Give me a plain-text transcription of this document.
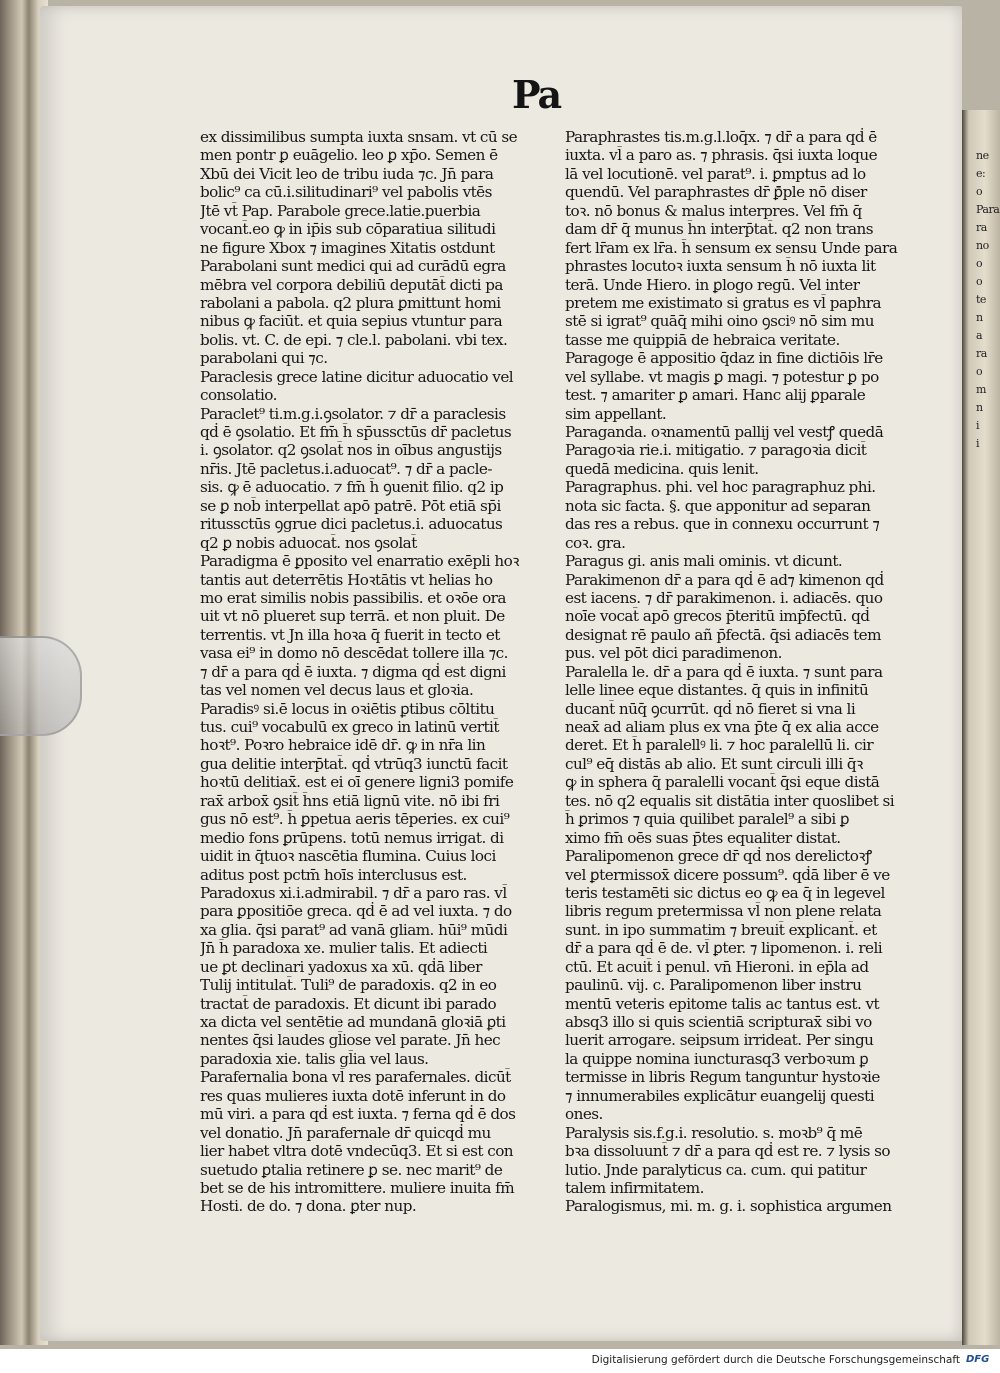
ne
e:
o
Para
ra
no
o
o
te
n
a
ra
o
m
n
i
i
Pa
ex dissimilibus sumpta iuxta snsam. vt cū se
men pontr ꝑ euāgelio. leo ꝑ xp̄o. Semen ē
Xbū dei Vicit leo de tribu iuda ⁊c. Jn̄ para
bolic⁹ ca cū.i.silitudinari⁹ vel pabolis vtēs
Jtē vt̄ Pap. Parabole grece.latie.puerbia
vocant̄.eo ꝙ in ip̄is sub cōparatiua silitudi
ne figure Xbox ⁊ imagines Xitatis ostdunt
Parabolani sunt medici qui ad curādū egra
mēbra vel corpora debiliū deputāt̄ dicti pa
rabolani a pabola. q2 plura ꝑmittunt homi
nibus ꝙ faciūt. et quia sepius vtuntur para
bolis. vt. C. de epi. ⁊ cle.l. pabolani. vbi tex.
parabolani qui ⁊c.
Paraclesis grece latine dicitur aduocatio vel
consolatio.
Paraclet⁹ ti.m.g.i.ꝯsolator. ⁊ dr̄ a paraclesis
qḋ ē ꝯsolatio. Et fm̄ h̄ sp̄ussctūs dr̄ pacletus
i. ꝯsolator. q2 ꝯsolat̄ nos in oībus angustijs
nr̄is. Jtē pacletus.i.aduocat⁹. ⁊ dr̄ a pacle-
sis. ꝙ ē aduocatio. ⁊ fm̄ h̄ ꝯuenit filio. q2 ip
se ꝑ nob̄ interpellat apō patrē. Pōt etiā sp̄i
ritussctūs ꝯgrue dici pacletus.i. aduocatus
q2 ꝑ nobis aduocat̄. nos ꝯsolat̄
Paradigma ē ꝑposito vel enarratio exēpli hoꝛ
tantis aut deterrētis Hoꝛtātis vt helias ho
mo erat similis nobis passibilis. et oꝛōe ora
uit vt nō plueret sup terrā. et non pluit. De
terrentis. vt Jn illa hoꝛa q̄ fuerit in tecto et
vasa ei⁹ in domo nō descēdat tollere illa ⁊c.
⁊ dr̄ a para qḋ ē iuxta. ⁊ digma qḋ est digni
tas vel nomen vel decus laus et gloꝛia.
Paradisꝰ si.ē locus in oꝛiētis ꝑtibus cōltitu
tus. cui⁹ vocabulū ex greco in latinū vertit̄
hoꝛt⁹. Poꝛro hebraice idē dr̄. ꝙ in nr̄a lin
gua delitie interp̄tat̄. qḋ vtrūq3 iunctū facit
hoꝛtū delitiax̄. est ei oī genere ligni3 pomife
rax̄ arbox̄ ꝯsit̄ h̄ns etiā lignū vite. nō ibi fri
gus nō est⁹. h̄ ꝑpetua aeris tēperies. ex cui⁹
medio fons ꝑrūpens. totū nemus irrigat. di
uidit in q̄tuoꝛ nascētia flumina. Cuius loci
aditus post pctm̄ hoīs interclusus est.
Paradoxus xi.i.admirabil. ⁊ dr̄ a paro ras. vl̄
para ꝑpositiōe greca. qḋ ē ad vel iuxta. ⁊ do
xa glia. q̄si parat⁹ ad vanā gliam. hūi⁹ mūdi
Jn̄ h̄ paradoxa xe. mulier talis. Et adiecti
ue ꝑt declinari yadoxus xa xū. qḋā liber
Tulij intitulat̄. Tuli⁹ de paradoxis. q2 in eo
tractat̄ de paradoxis. Et dicunt ibi parado
xa dicta vel sentētie ad mundanā gloꝛiā ꝑti
nentes q̄si laudes gl̄iose vel parate. Jn̄ hec
paradoxia xie. talis gl̄ia vel laus.
Parafernalia bona vl̄ res parafernales. dicūt̄
res quas mulieres iuxta dotē inferunt in do
mū viri. a para qḋ est iuxta. ⁊ ferna qḋ ē dos
vel donatio. Jn̄ parafernale dr̄ quicqḋ mu
lier habet vltra dotē vndecūq3. Et si est con
suetudo ꝑtalia retinere ꝑ se. nec marit⁹ de
bet se de his intromittere. muliere inuita fm̄
Hosti. de do. ⁊ dona. ꝑter nup.
Paraphrastes tis.m.g.l.loq̄x. ⁊ dr̄ a para qḋ ē
iuxta. vl̄ a paro as. ⁊ phrasis. q̄si iuxta loque
lā vel locutionē. vel parat⁹. i. ꝑmptus ad lo
quendū. Vel paraphrastes dr̄ ꝑ̄ple nō diser
toꝛ. nō bonus & malus interpres. Vel fm̄ q̄
dam dr̄ q̄ munus h̄n interp̄tat̄. q2 non trans
fert lr̄am ex lr̄a. h̄ sensum ex sensu Unde para
phrastes locutoꝛ iuxta sensum h̄ nō iuxta lit
terā. Unde Hiero. in ꝑlogo regū. Vel inter
pretem me existimato si gratus es vl̄ paphra
stē si igrat⁹ quāq̄ mihi oino ꝯsciꝰ nō sim mu
tasse me quippiā de hebraica veritate.
Paragoge ē appositio q̄daz in fine dictiōis lr̄e
vel syllabe. vt magis ꝑ magi. ⁊ potestur ꝑ po
test. ⁊ amariter ꝑ amari. Hanc alij ꝑparale
sim appellant.
Paraganda. oꝛnamentū pallij vel vestꝭ quedā
Paragoꝛia rie.i. mitigatio. ⁊ paragoꝛia dicit̄
quedā medicina. quis lenit.
Paragraphus. phi. vel hoc paragraphuz phi.
nota sic facta. §. que apponitur ad separan
das res a rebus. que in connexu occurrunt ⁊
coꝛ. gra.
Paragus gi. anis mali ominis. vt dicunt.
Parakimenon dr̄ a para qḋ ē ad⁊ kimenon qḋ
est iacens. ⁊ dr̄ parakimenon. i. adiacēs. quo
noīe vocat̄ apō grecos p̄teritū imp̄fectū. qḋ
designat rē paulo añ p̄fectā. q̄si adiacēs tem
pus. vel pōt dici paradimenon.
Paralella le. dr̄ a para qḋ ē iuxta. ⁊ sunt para
lelle linee eque distantes. q̄ quis in infinitū
ducant̄ nūq̄ ꝯcurrūt. qḋ nō fieret si vna li
neax̄ ad aliam plus ex vna p̄te q̄ ex alia acce
deret. Et h̄ paralellꝰ li. ⁊ hoc paralellū li. cir
cul⁹ eq̄ distās ab alio. Et sunt circuli illi q̄ꝛ
ꝙ in sphera q̄ paralelli vocant̄ q̄si eque distā
tes. nō q2 equalis sit distātia inter quoslibet si
h̄ ꝑrimos ⁊ quia quilibet paralel⁹ a sibi ꝑ
ximo fm̄ oēs suas p̄tes equaliter distat.
Paralipomenon grece dr̄ qḋ nos derelictoꝛꝭ
vel ꝑtermissox̄ dicere possum⁹. qḋā liber ē ve
teris testamēti sic dictus eo ꝙ ea q̄ in legevel
libris regum pretermissa vl̄ non plene relata
sunt. in ipo summatim ⁊ breuit̄ explicant̄. et
dr̄ a para qḋ ē de. vl̄ ꝑter. ⁊ lipomenon. i. reli
ctū. Et acuit̄ i penul. vn̄ Hieroni. in ep̄la ad
paulinū. vij. c. Paralipomenon liber instru
mentū veteris epitome talis ac tantus est. vt
absq3 illo si quis scientiā scripturax̄ sibi vo
luerit arrogare. seipsum irrideat. Per singu
la quippe nomina iuncturasq3 verboꝛum ꝑ
termisse in libris Regum tanguntur hystoꝛie
⁊ innumerabiles explicātur euangelij questi
ones.
Paralysis sis.f.g.i. resolutio. s. moꝛb⁹ q̄ mē
bꝛa dissoluunt̄ ⁊ dr̄ a para qḋ est re. ⁊ lysis so
lutio. Jnde paralyticus ca. cum. qui patitur
talem infirmitatem.
Paralogismus, mi. m. g. i. sophistica argumen
Digitalisierung gefördert durch die Deutsche Forschungsgemeinschaft DFG
